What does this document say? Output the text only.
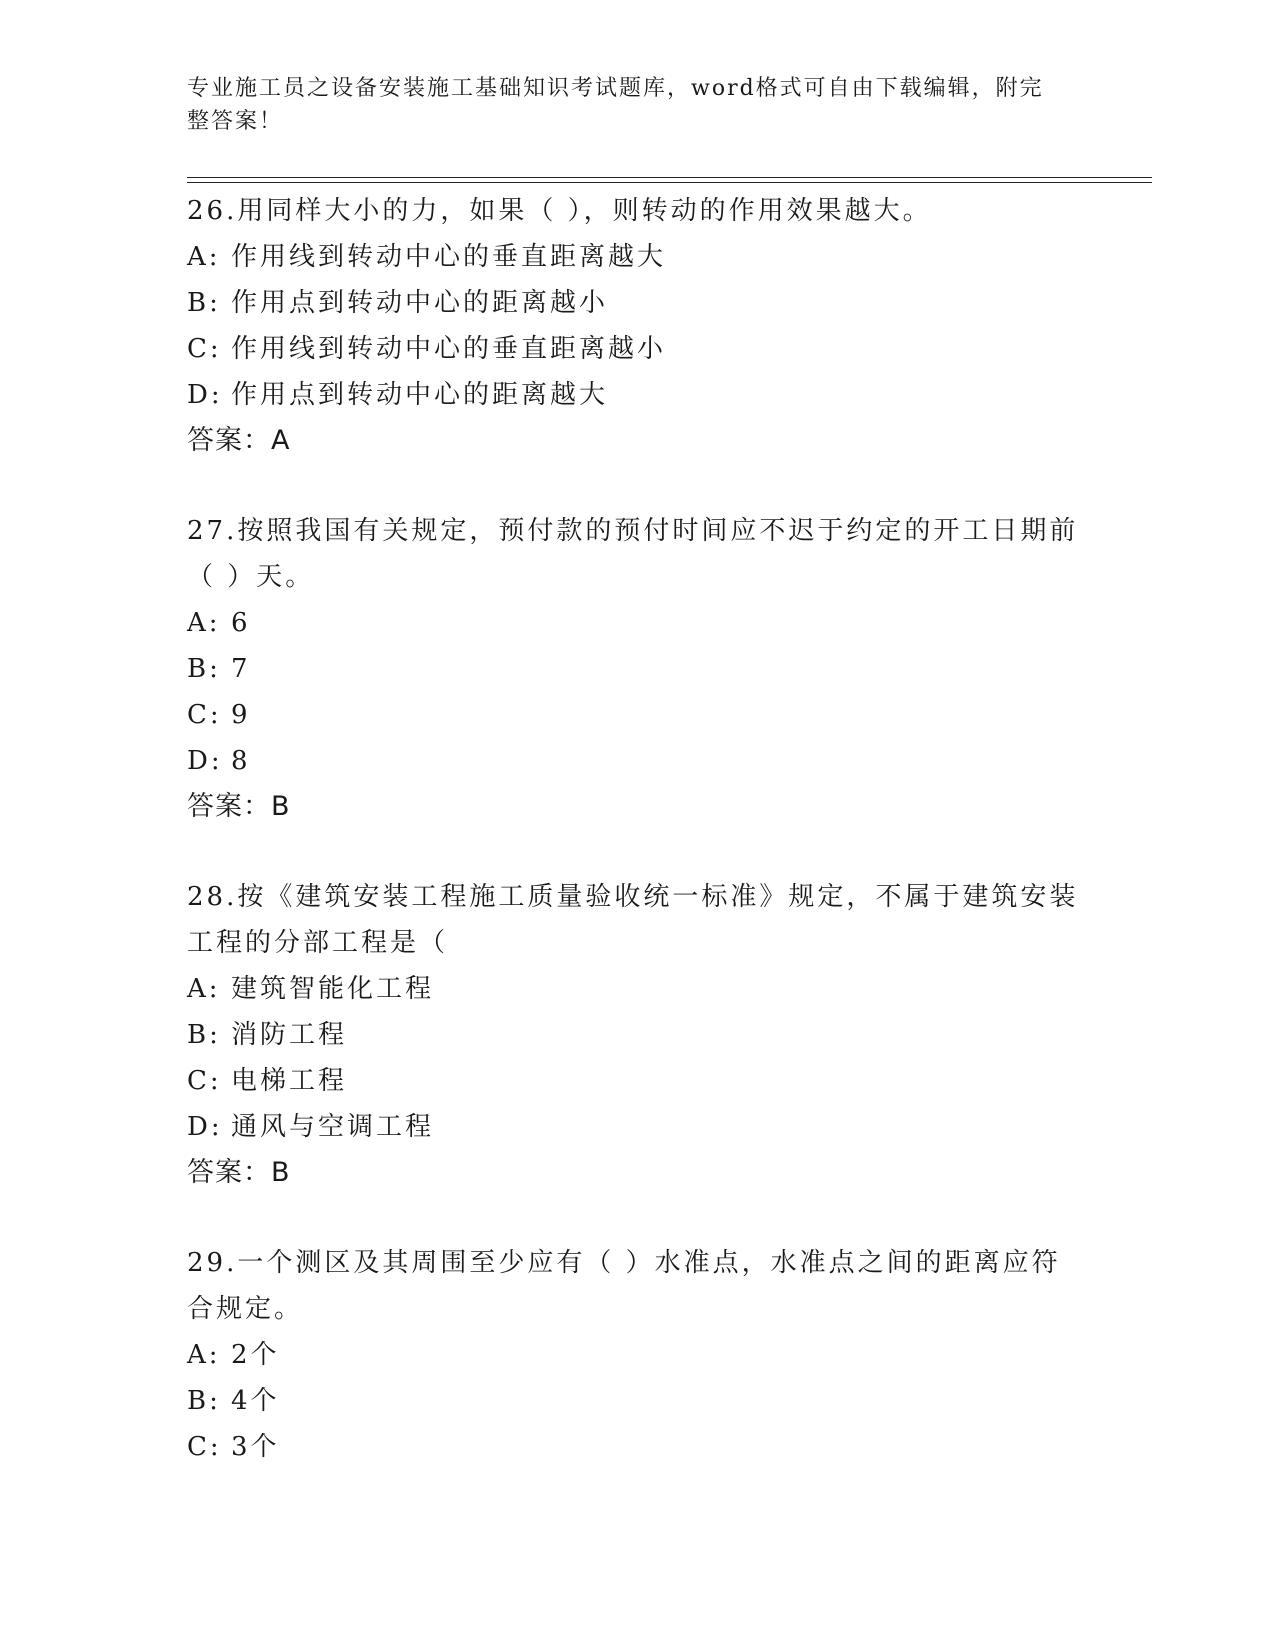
专业施工员之设备安装施工基础知识考试题库，word格式可自由下载编辑，附完整答案！
26.用同样大小的力，如果（ ），则转动的作用效果越大。
A: 作用线到转动中心的垂直距离越大
B: 作用点到转动中心的距离越小
C: 作用线到转动中心的垂直距离越小
D: 作用点到转动中心的距离越大
答案：A
27.按照我国有关规定，预付款的预付时间应不迟于约定的开工日期前（ ）天。
A: 6
B: 7
C: 9
D: 8
答案：B
28.按《建筑安装工程施工质量验收统一标准》规定，不属于建筑安装工程的分部工程是（
A: 建筑智能化工程
B: 消防工程
C: 电梯工程
D: 通风与空调工程
答案：B
29.一个测区及其周围至少应有（ ）水准点，水准点之间的距离应符合规定。
A: 2个
B: 4个
C: 3个
